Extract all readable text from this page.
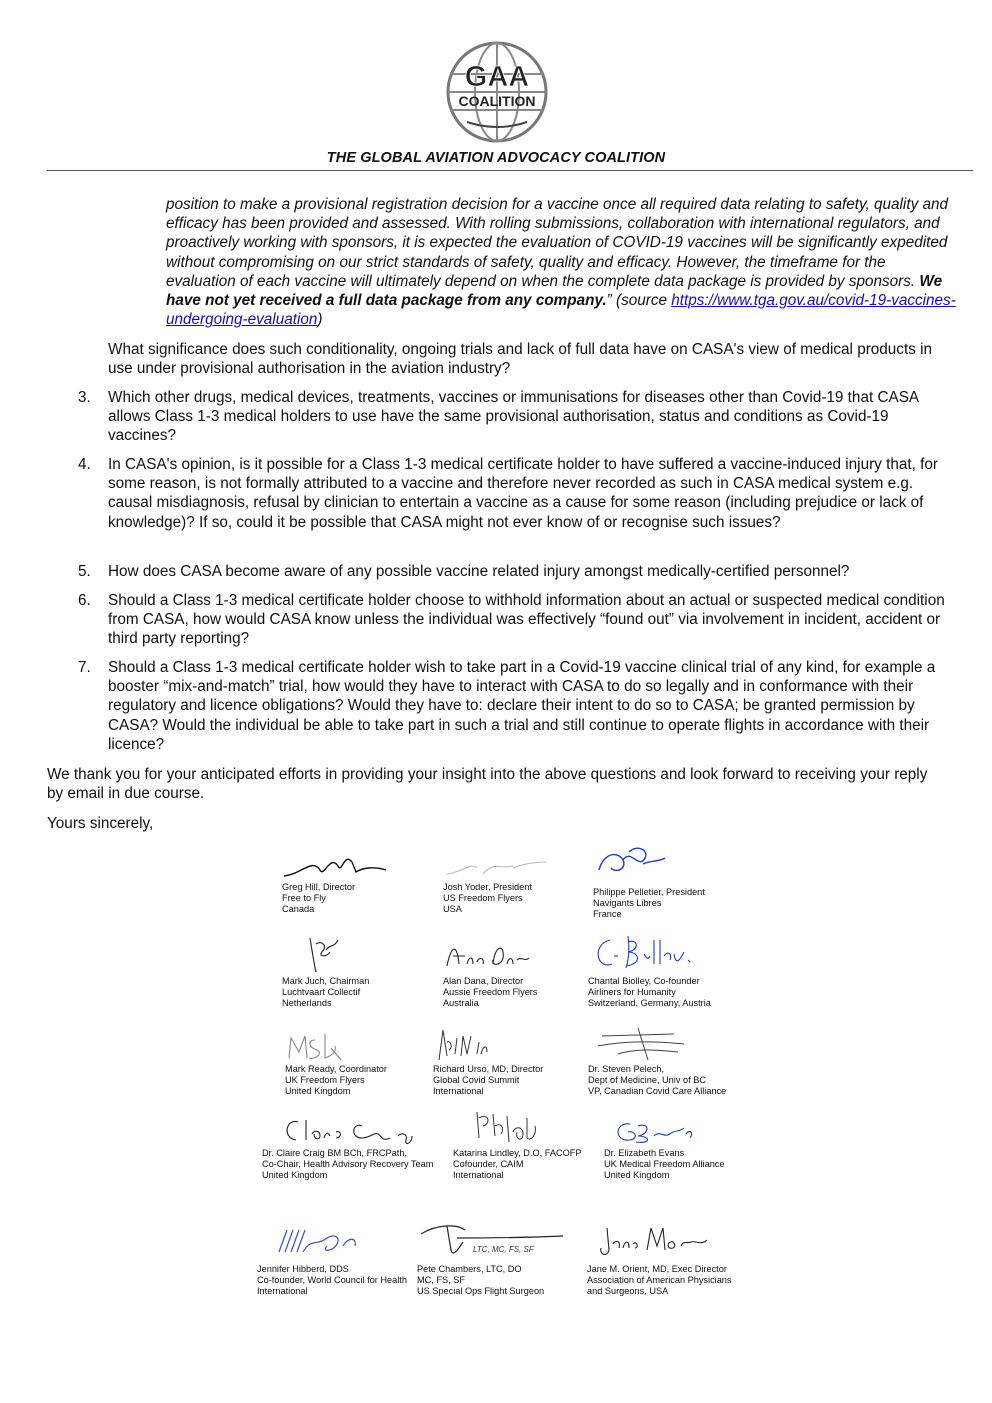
GAA
COALITION
THE GLOBAL AVIATION ADVOCACY COALITION

position to make a provisional registration decision for a vaccine once all required data relating to safety, quality and efficacy has been provided and assessed. With rolling submissions, collaboration with international regulators, and proactively working with sponsors, it is expected the evaluation of COVID-19 vaccines will be significantly expedited without compromising on our strict standards of safety, quality and efficacy. However, the timeframe for the evaluation of each vaccine will ultimately depend on when the complete data package is provided by sponsors. We have not yet received a full data package from any company.” (source https://www.tga.gov.au/covid-19-vaccines-undergoing-evaluation)

What significance does such conditionality, ongoing trials and lack of full data have on CASA's view of medical products in use under provisional authorisation in the aviation industry?

3. Which other drugs, medical devices, treatments, vaccines or immunisations for diseases other than Covid-19 that CASA allows Class 1-3 medical holders to use have the same provisional authorisation, status and conditions as Covid-19 vaccines?

4. In CASA's opinion, is it possible for a Class 1-3 medical certificate holder to have suffered a vaccine-induced injury that, for some reason, is not formally attributed to a vaccine and therefore never recorded as such in CASA medical system e.g. causal misdiagnosis, refusal by clinician to entertain a vaccine as a cause for some reason (including prejudice or lack of knowledge)? If so, could it be possible that CASA might not ever know of or recognise such issues?

5. How does CASA become aware of any possible vaccine related injury amongst medically-certified personnel?

6. Should a Class 1-3 medical certificate holder choose to withhold information about an actual or suspected medical condition from CASA, how would CASA know unless the individual was effectively “found out” via involvement in incident, accident or third party reporting?

7. Should a Class 1-3 medical certificate holder wish to take part in a Covid-19 vaccine clinical trial of any kind, for example a booster “mix-and-match” trial, how would they have to interact with CASA to do so legally and in conformance with their regulatory and licence obligations? Would they have to: declare their intent to do so to CASA; be granted permission by CASA? Would the individual be able to take part in such a trial and still continue to operate flights in accordance with their licence?

We thank you for your anticipated efforts in providing your insight into the above questions and look forward to receiving your reply by email in due course.

Yours sincerely,

Greg Hill, Director
Free to Fly
Canada
Josh Yoder, President
US Freedom Flyers
USA
Philippe Pelletier, President
Navigants Libres
France
Mark Juch, Chairman
Luchtvaart Collectif
Netherlands
Alan Dana, Director
Aussie Freedom Flyers
Australia
Chantal Biolley, Co-founder
Airliners for Humanity
Switzerland, Germany, Austria
Mark Ready, Coordinator
UK Freedom Flyers
United Kingdom
Richard Urso, MD, Director
Global Covid Summit
International
Dr. Steven Pelech,
Dept of Medicine, Univ of BC
VP, Canadian Covid Care Alliance
Dr. Claire Craig BM BCh, FRCPath,
Co-Chair, Health Advisory Recovery Team
United Kingdom
Katarina Lindley, D.O, FACOFP
Cofounder, CAIM
International
Dr. Elizabeth Evans
UK Medical Freedom Alliance
United Kingdom
Jennifer Hibberd, DDS
Co-founder, World Council for Health
International
LTC, MC, FS, SF
Pete Chambers, LTC, DO
MC, FS, SF
US Special Ops Flight Surgeon
Jane M. Orient, MD, Exec Director
Association of American Physicians
and Surgeons, USA
